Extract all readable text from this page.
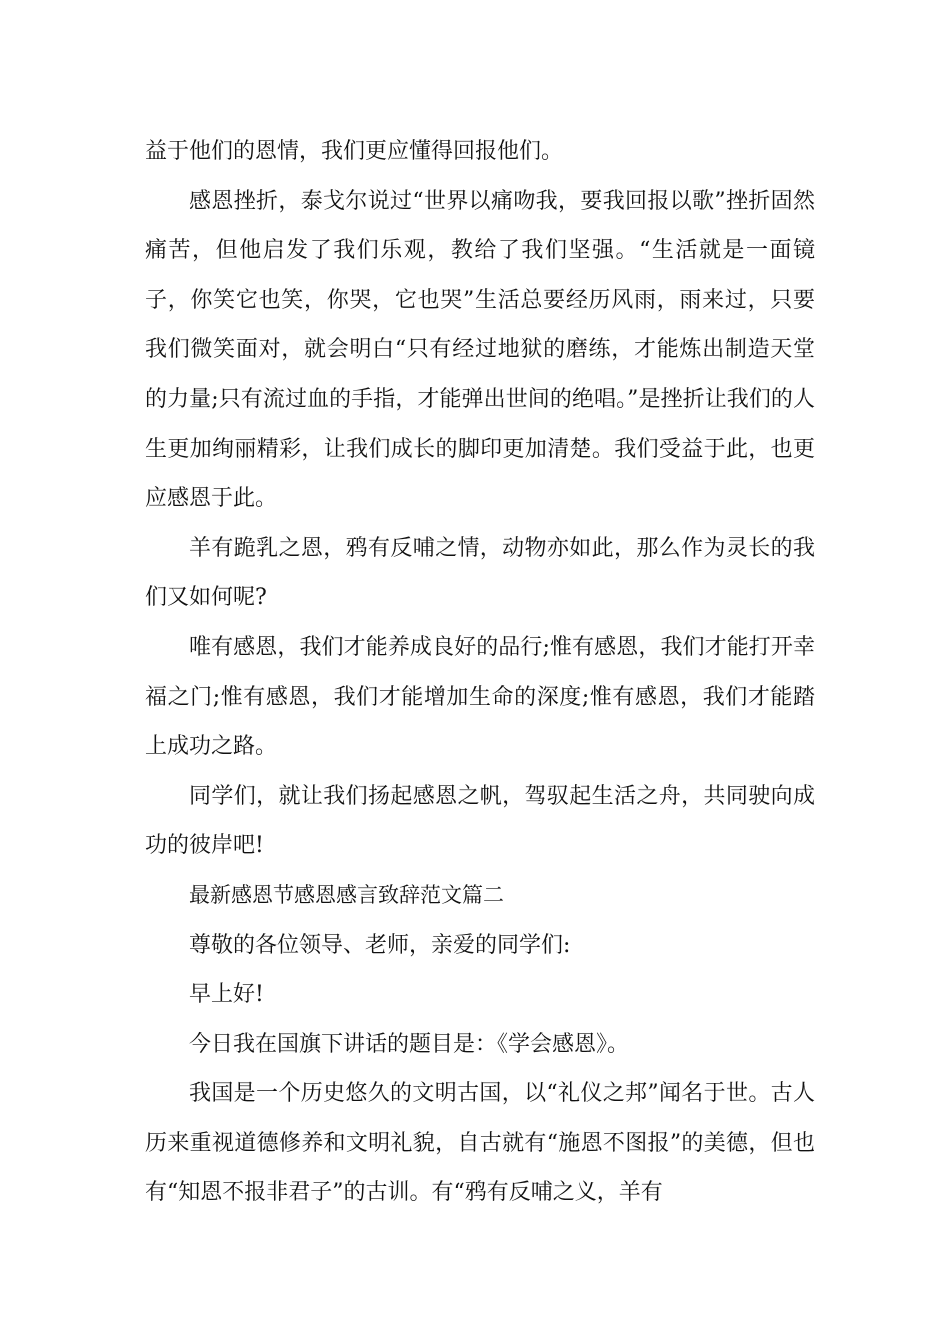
益于他们的恩情，我们更应懂得回报他们。

感恩挫折，泰戈尔说过“世界以痛吻我，要我回报以歌”挫折固然痛苦，但他启发了我们乐观，教给了我们坚强。“生活就是一面镜子，你笑它也笑，你哭，它也哭”生活总要经历风雨，雨来过，只要我们微笑面对，就会明白“只有经过地狱的磨练，才能炼出制造天堂的力量;只有流过血的手指，才能弹出世间的绝唱。”是挫折让我们的人生更加绚丽精彩，让我们成长的脚印更加清楚。我们受益于此，也更应感恩于此。

羊有跪乳之恩，鸦有反哺之情，动物亦如此，那么作为灵长的我们又如何呢?

唯有感恩，我们才能养成良好的品行;惟有感恩，我们才能打开幸福之门;惟有感恩，我们才能增加生命的深度;惟有感恩，我们才能踏上成功之路。

同学们，就让我们扬起感恩之帆，驾驭起生活之舟，共同驶向成功的彼岸吧!

最新感恩节感恩感言致辞范文篇二

尊敬的各位领导、老师，亲爱的同学们:

早上好!

今日我在国旗下讲话的题目是：《学会感恩》。

我国是一个历史悠久的文明古国，以“礼仪之邦”闻名于世。古人历来重视道德修养和文明礼貌，自古就有“施恩不图报”的美德，但也有“知恩不报非君子”的古训。有“鸦有反哺之义，羊有
